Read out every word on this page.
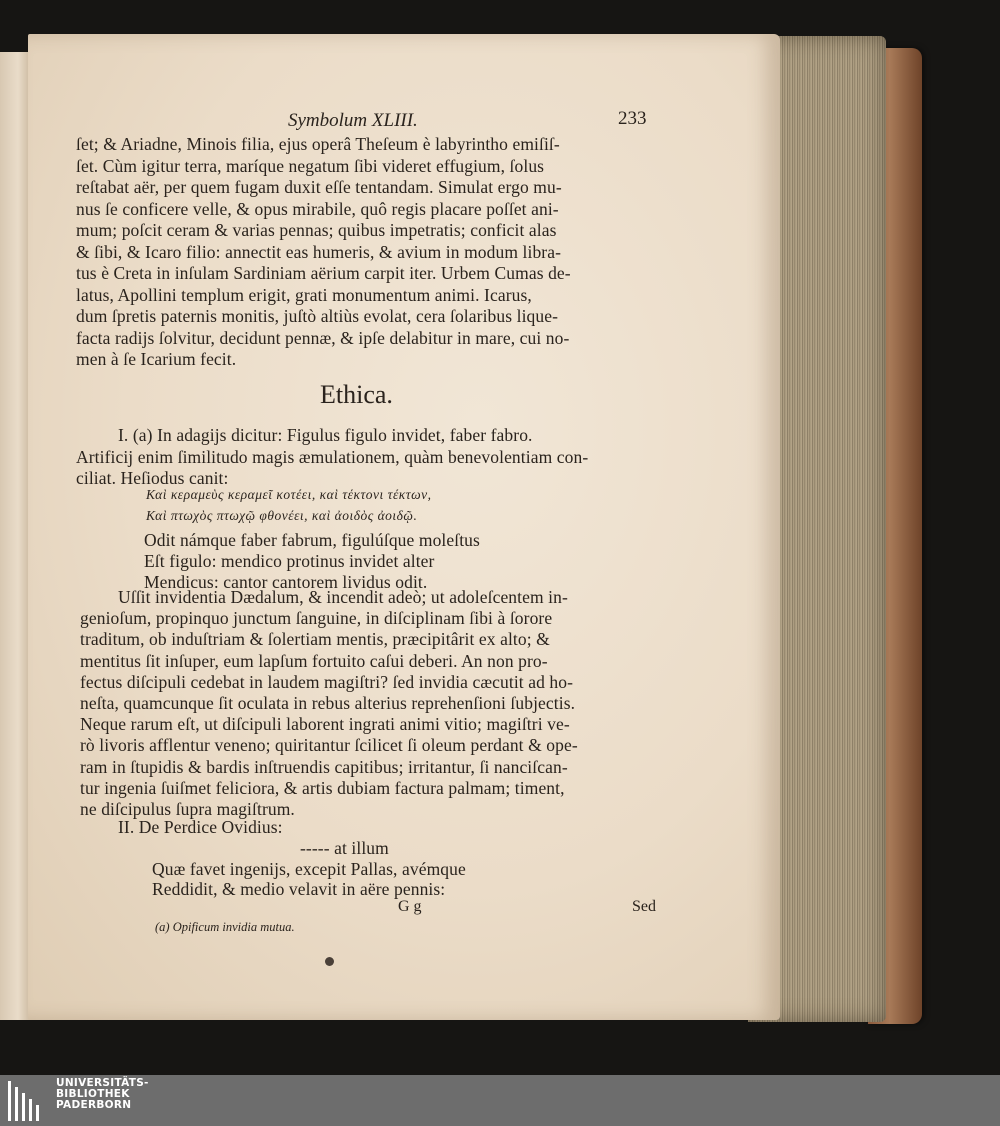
Symbolum XLIII.	233
ſet; & Ariadne, Minois filia, ejus operâ Theſeum è labyrintho emiſiſ-
ſet. Cùm igitur terra, maríque negatum ſibi videret effugium, ſolus
reſtabat aër, per quem fugam duxit eſſe tentandam. Simulat ergo mu-
nus ſe conficere velle, & opus mirabile, quô regis placare poſſet ani-
mum; poſcit ceram & varias pennas; quibus impetratis; conficit alas
& ſibi, & Icaro filio: annectit eas humeris, & avium in modum libra-
tus è Creta in inſulam Sardiniam aërium carpit iter. Urbem Cumas de-
latus, Apollini templum erigit, grati monumentum animi. Icarus,
dum ſpretis paternis monitis, juſtò altiùs evolat, cera ſolaribus lique-
facta radijs ſolvitur, decidunt pennæ, & ipſe delabitur in mare, cui no-
men à ſe Icarium fecit.
Ethica.
I. (a) In adagijs dicitur: Figulus figulo invidet, faber fabro.
Artificij enim ſimilitudo magis æmulationem, quàm benevolentiam con-
ciliat. Heſiodus canit:
Καὶ κεραμεὺς κεραμεῖ κοτέει, καὶ τέκτονι τέκτων,
Καὶ πτωχὸς πτωχῷ φθονέει, καὶ ἀοιδὸς ἀοιδῷ.
Odit námque faber fabrum, figulúſque moleſtus
Eſt figulo: mendico protinus invidet alter
Mendicus: cantor cantorem lividus odit.
Uſſit invidentia Dædalum, & incendit adeò; ut adoleſcentem in-
genioſum, propinquo junctum ſanguine, in diſciplinam ſibi à ſorore
traditum, ob induſtriam & ſolertiam mentis, præcipitârit ex alto; &
mentitus ſit inſuper, eum lapſum fortuito caſui deberi. An non pro-
fectus diſcipuli cedebat in laudem magiſtri? ſed invidia cæcutit ad ho-
neſta, quamcunque ſit oculata in rebus alterius reprehenſioni ſubjectis.
Neque rarum eſt, ut diſcipuli laborent ingrati animi vitio; magiſtri ve-
rò livoris afflentur veneno; quiritantur ſcilicet ſi oleum perdant & ope-
ram in ſtupidis & bardis inſtruendis capitibus; irritantur, ſi nanciſcan-
tur ingenia ſuiſmet feliciora, & artis dubiam factura palmam; timent,
ne diſcipulus ſupra magiſtrum.
II. De Perdice Ovidius:
----- at illum
Quæ favet ingenijs, excepit Pallas, avémque
Reddidit, & medio velavit in aëre pennis:
G g	Sed
(a) Opificum invidia mutua.
UNIVERSITÄTS-
BIBLIOTHEK
PADERBORN
